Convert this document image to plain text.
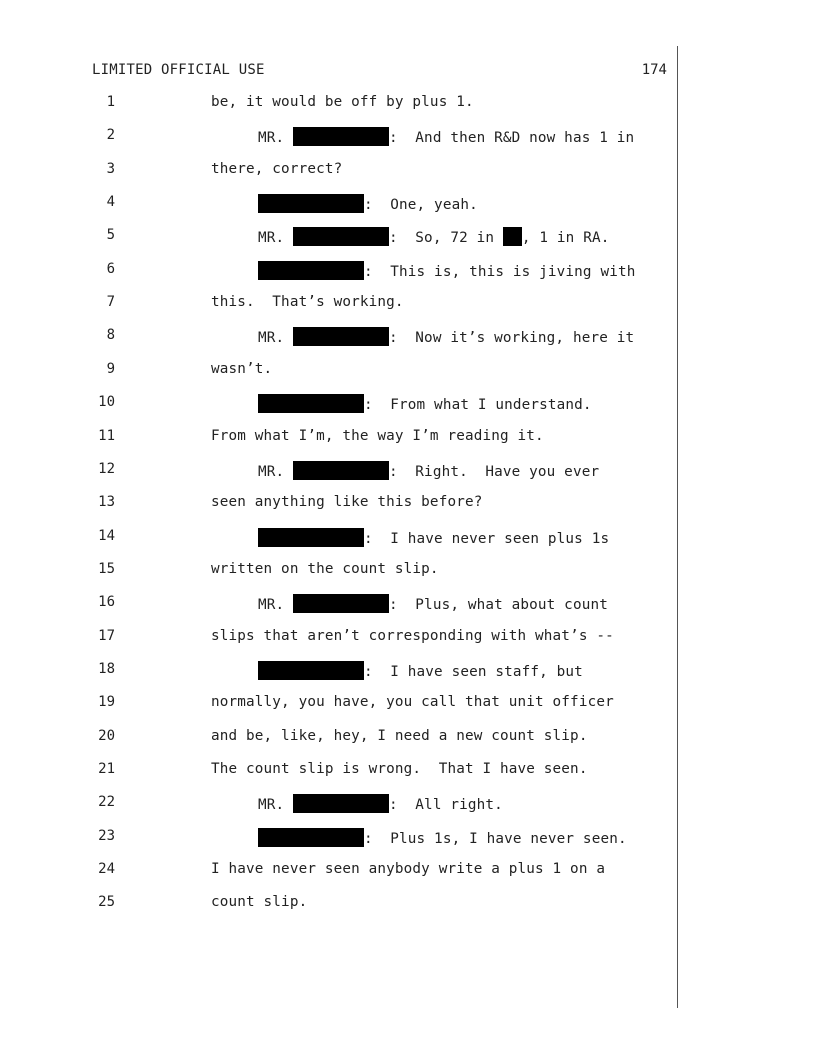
LIMITED OFFICIAL USE	174
1	be, it would be off by plus 1.
2	MR.	:  And then R&D now has 1 in
3	there, correct?
4	:  One, yeah.
5	MR.	:  So, 72 in , 1 in RA.
6	:  This is, this is jiving with
7	this.  That’s working.
8	MR.	:  Now it’s working, here it
9	wasn’t.
10	:  From what I understand.
11	From what I’m, the way I’m reading it.
12	MR.	:  Right.  Have you ever
13	seen anything like this before?
14	:  I have never seen plus 1s
15	written on the count slip.
16	MR.	:  Plus, what about count
17	slips that aren’t corresponding with what’s --
18	:  I have seen staff, but
19	normally, you have, you call that unit officer
20	and be, like, hey, I need a new count slip.
21	The count slip is wrong.  That I have seen.
22	MR.	:  All right.
23	:  Plus 1s, I have never seen.
24	I have never seen anybody write a plus 1 on a
25	count slip.
